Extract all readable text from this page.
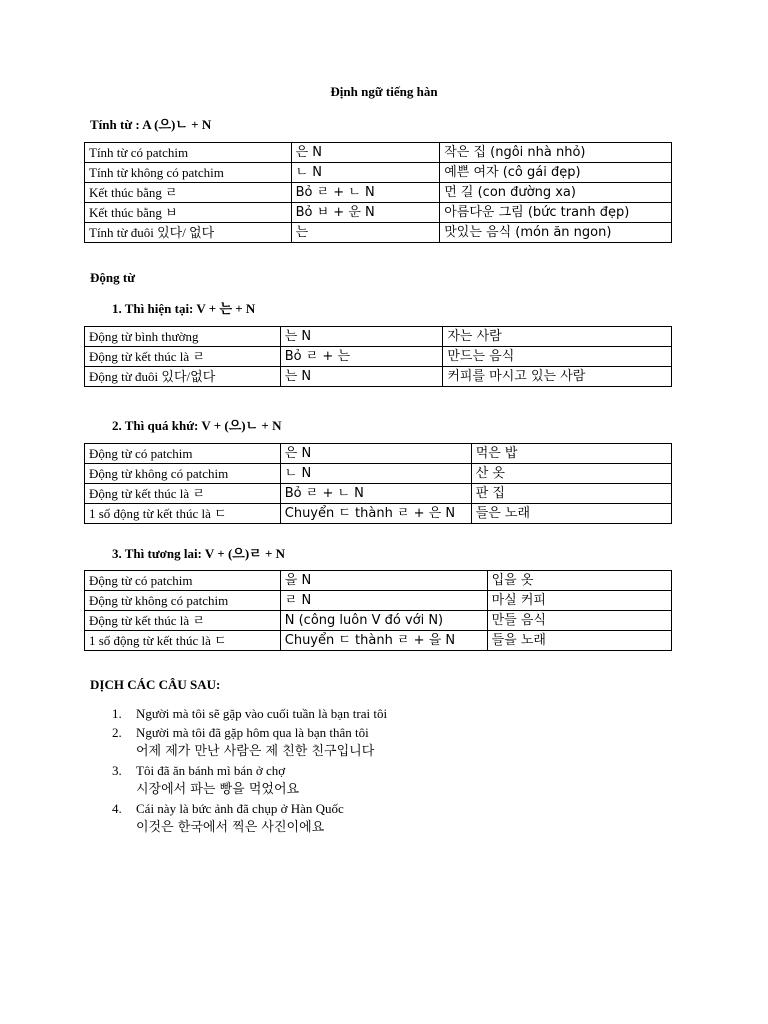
Định ngữ tiếng hàn
Tính từ : A (으)ㄴ + N
Tính từ có patchim	은 N	작은 집 (ngôi nhà nhỏ)
Tính từ không có patchim	ㄴ N	예쁜 여자 (cô gái đẹp)
Kết thúc bằng ㄹ	Bỏ ㄹ + ㄴ N	먼 길 (con đường xa)
Kết thúc bằng ㅂ	Bỏ ㅂ + 운 N	아름다운 그림 (bức tranh đẹp)
Tính từ đuôi 있다/ 없다	는	맛있는 음식 (món ăn ngon)
Động từ
1. Thì hiện tại: V + 는 + N
Động từ bình thường	는 N	자는 사람
Động từ kết thúc là ㄹ	Bỏ ㄹ + 는	만드는 음식
Động từ đuôi 있다/없다	는 N	커피를 마시고 있는 사람
2. Thì quá khứ: V + (으)ㄴ + N
Động từ có patchim	은 N	먹은 밥
Động từ không có patchim	ㄴ N	산 옷
Động từ kết thúc là ㄹ	Bỏ ㄹ + ㄴ N	판 집
1 số động từ kết thúc là ㄷ	Chuyển ㄷ thành ㄹ + 은 N	들은 노래
3. Thì tương lai: V + (으)ㄹ + N
Động từ có patchim	을 N	입을 옷
Động từ không có patchim	ㄹ N	마실 커피
Động từ kết thúc là ㄹ	N (công luôn V đó với N)	만들 음식
1 số động từ kết thúc là ㄷ	Chuyển ㄷ thành ㄹ + 을 N	들을 노래
DỊCH CÁC CÂU SAU:
1. Người mà tôi sẽ gặp vào cuối tuần là bạn trai tôi
2. Người mà tôi đã gặp hôm qua là bạn thân tôi
어제 제가 만난 사람은 제 친한 친구입니다
3. Tôi đã ăn bánh mì bán ở chợ
시장에서 파는 빵을 먹었어요
4. Cái này là bức ảnh đã chụp ở Hàn Quốc
이것은 한국에서 찍은 사진이에요
